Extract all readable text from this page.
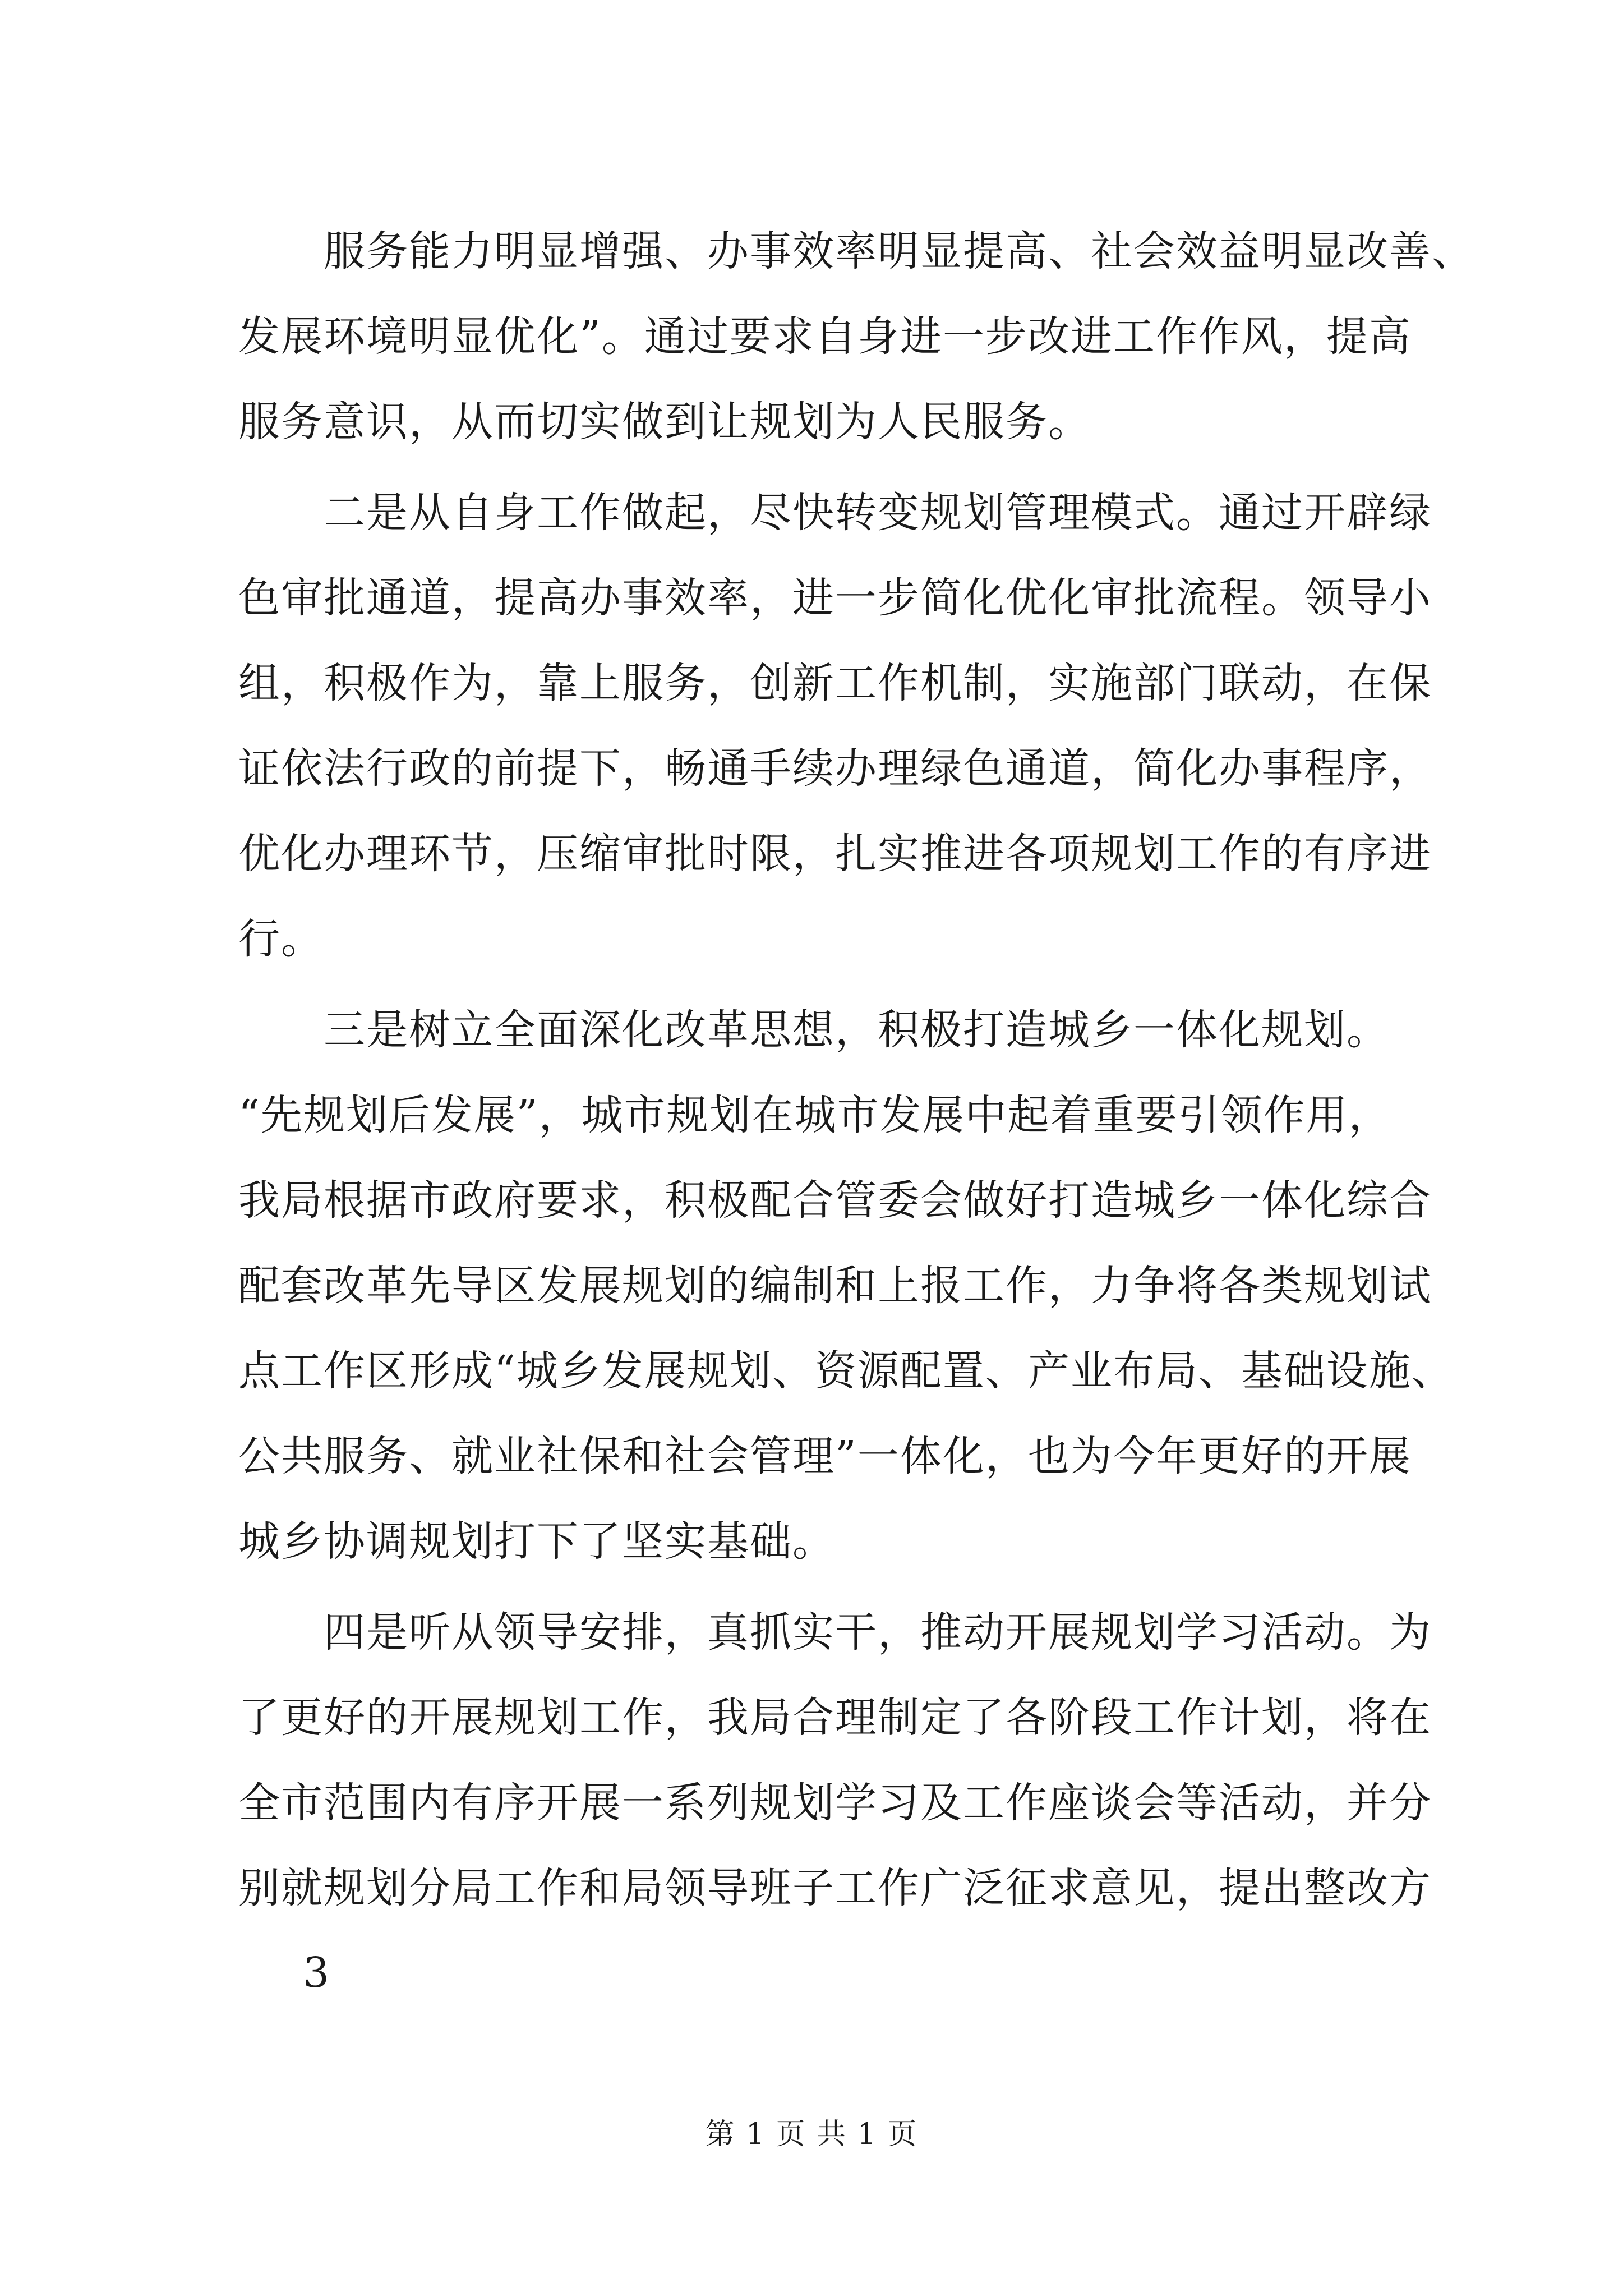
　　服务能力明显增强、办事效率明显提高、社会效益明显改善、
发展环境明显优化”。通过要求自身进一步改进工作作风，提高
服务意识，从而切实做到让规划为人民服务。
　　二是从自身工作做起，尽快转变规划管理模式。通过开辟绿
色审批通道，提高办事效率，进一步简化优化审批流程。领导小
组，积极作为，靠上服务，创新工作机制，实施部门联动，在保
证依法行政的前提下，畅通手续办理绿色通道，简化办事程序，
优化办理环节，压缩审批时限，扎实推进各项规划工作的有序进
行。
　　三是树立全面深化改革思想，积极打造城乡一体化规划。
“先规划后发展”，城市规划在城市发展中起着重要引领作用，
我局根据市政府要求，积极配合管委会做好打造城乡一体化综合
配套改革先导区发展规划的编制和上报工作，力争将各类规划试
点工作区形成“城乡发展规划、资源配置、产业布局、基础设施、
公共服务、就业社保和社会管理”一体化，也为今年更好的开展
城乡协调规划打下了坚实基础。
　　四是听从领导安排，真抓实干，推动开展规划学习活动。为
了更好的开展规划工作，我局合理制定了各阶段工作计划，将在
全市范围内有序开展一系列规划学习及工作座谈会等活动，并分
别就规划分局工作和局领导班子工作广泛征求意见，提出整改方
3
第 1 页 共 1 页
